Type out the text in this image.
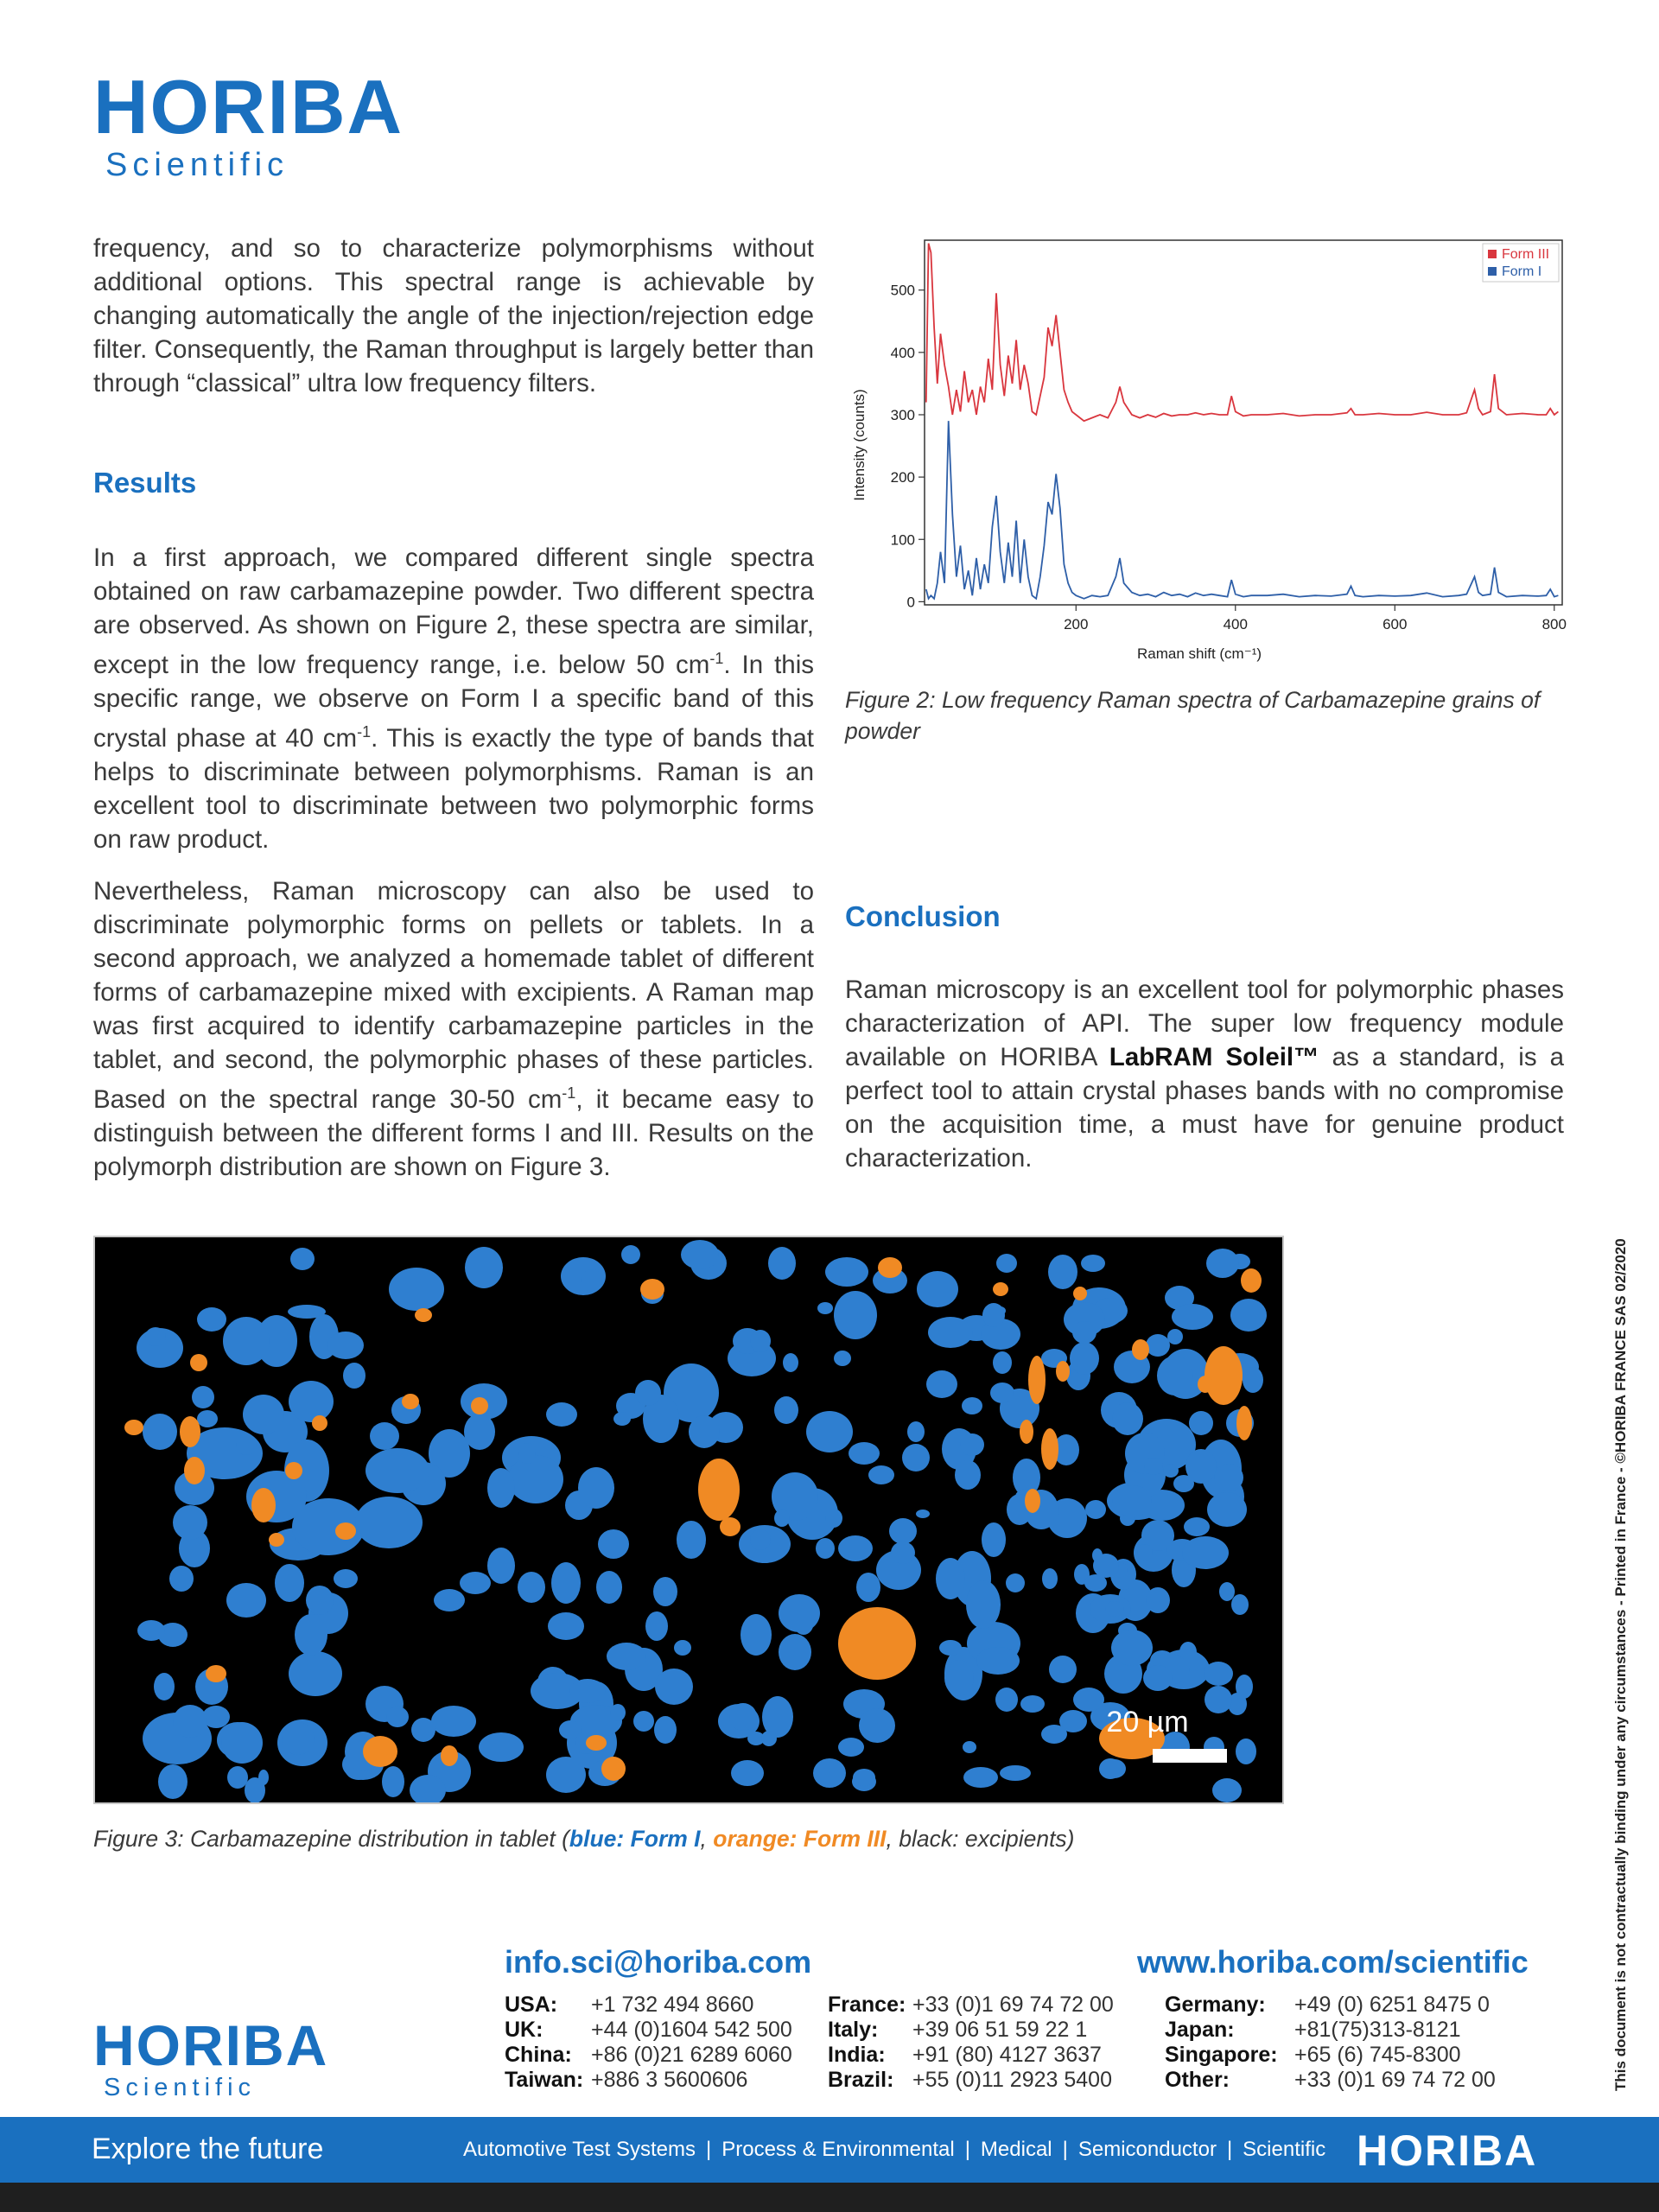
HORIBA
Scientific

frequency, and so to characterize polymorphisms without additional options. This spectral range is achievable by changing automatically the angle of the injection/rejection edge filter. Consequently, the Raman throughput is largely better than through “classical” ultra low frequency filters.

Results

In a first approach, we compared different single spectra obtained on raw carbamazepine powder. Two different spectra are observed. As shown on Figure 2, these spectra are similar, except in the low frequency range, i.e. below 50 $cm^{-1}$. In this specific range, we observe on Form I a specific band of this crystal phase at 40 $cm^{-1}$. This is exactly the type of bands that helps to discriminate between polymorphisms. Raman is an excellent tool to discriminate between two polymorphic forms on raw product.

Nevertheless, Raman microscopy can also be used to discriminate polymorphic forms on pellets or tablets. In a second approach, we analyzed a homemade tablet of different forms of carbamazepine mixed with excipients. A Raman map was first acquired to identify carbamazepine particles in the tablet, and second, the polymorphic phases of these particles. Based on the spectral range 30-50 $cm^{-1}$, it became easy to distinguish between the different forms I and III. Results on the polymorph distribution are shown on Figure 3.

200	400	600	800
0
100
200
300
400
500
Raman shift (cm⁻¹)
Intensity (counts)
Form III
Form I
Figure 2: Low frequency Raman spectra of Carbamazepine grains of powder
Conclusion

Raman microscopy is an excellent tool for polymorphic phases characterization of API. The super low frequency module available on HORIBA LabRAM Soleil™ as a standard, is a perfect tool to attain crystal phases bands with no compromise on the acquisition time, a must have for genuine product characterization.

20 µm
Figure 3: Carbamazepine distribution in tablet (blue: Form I, orange: Form III, black: excipients)	This document is not contractually binding under any circumstances - Printed in France - ©HORIBA FRANCE SAS 02/2020
HORIBA
Scientific
info.sci@horiba.com	www.horiba.com/scientific
USA: +1 732 494 8660
UK: +44 (0)1604 542 500
China: +86 (0)21 6289 6060
Taiwan: +886 3 5600606
France: +33 (0)1 69 74 72 00
Italy: +39 06 51 59 22 1
India: +91 (80) 4127 3637
Brazil: +55 (0)11 2923 5400
Germany: +49 (0) 6251 8475 0
Japan:	+81(75)313-8121
Singapore: +65 (6) 745-8300
Other:	+33 (0)1 69 74 72 00
Explore the future	Automotive Test Systems | Process & Environmental | Medical | Semiconductor | Scientific HORIBA
